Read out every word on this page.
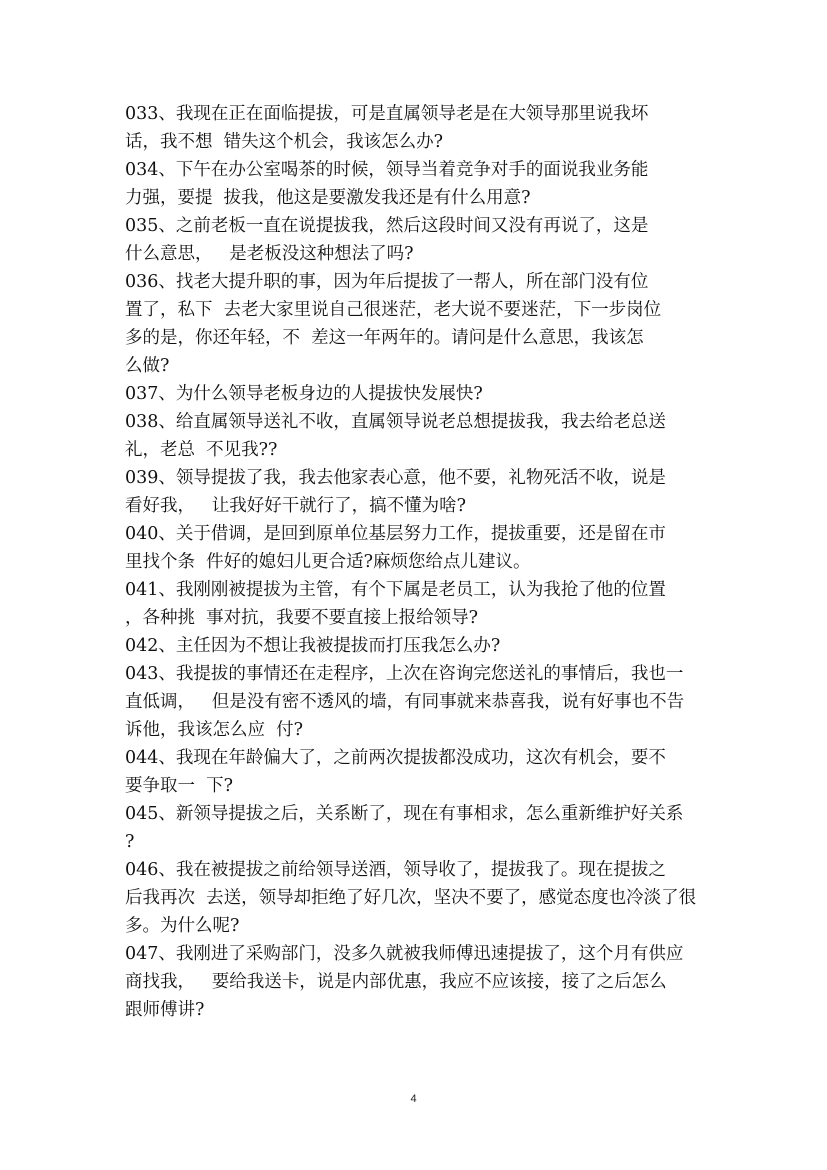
033、我现在正在面临提拔，可是直属领导老是在大领导那里说我坏
话，我不想  错失这个机会，我该怎么办?
034、下午在办公室喝茶的时候，领导当着竞争对手的面说我业务能
力强，要提  拔我，他这是要激发我还是有什么用意?
035、之前老板一直在说提拔我，然后这段时间又没有再说了，这是
什么意思，   是老板没这种想法了吗?
036、找老大提升职的事，因为年后提拔了一帮人，所在部门没有位
置了，私下  去老大家里说自己很迷茫，老大说不要迷茫，下一步岗位
多的是，你还年轻，不  差这一年两年的。请问是什么意思，我该怎
么做?
037、为什么领导老板身边的人提拔快发展快?
038、给直属领导送礼不收，直属领导说老总想提拔我，我去给老总送
礼，老总  不见我??
039、领导提拔了我，我去他家表心意，他不要，礼物死活不收，说是
看好我，   让我好好干就行了，搞不懂为啥?
040、关于借调，是回到原单位基层努力工作，提拔重要，还是留在市
里找个条  件好的媳妇儿更合适?麻烦您给点儿建议。
041、我刚刚被提拔为主管，有个下属是老员工，认为我抢了他的位置
，各种挑  事对抗，我要不要直接上报给领导?
042、主任因为不想让我被提拔而打压我怎么办?
043、我提拔的事情还在走程序，上次在咨询完您送礼的事情后，我也一
直低调，   但是没有密不透风的墙，有同事就来恭喜我，说有好事也不告
诉他，我该怎么应  付?
044、我现在年龄偏大了，之前两次提拔都没成功，这次有机会，要不
要争取一  下?
045、新领导提拔之后，关系断了，现在有事相求，怎么重新维护好关系
?
046、我在被提拔之前给领导送酒，领导收了，提拔我了。现在提拔之
后我再次  去送，领导却拒绝了好几次，坚决不要了，感觉态度也冷淡了很
多。为什么呢?
047、我刚进了采购部门，没多久就被我师傅迅速提拔了，这个月有供应
商找我，   要给我送卡，说是内部优惠，我应不应该接，接了之后怎么
跟师傅讲?
4
